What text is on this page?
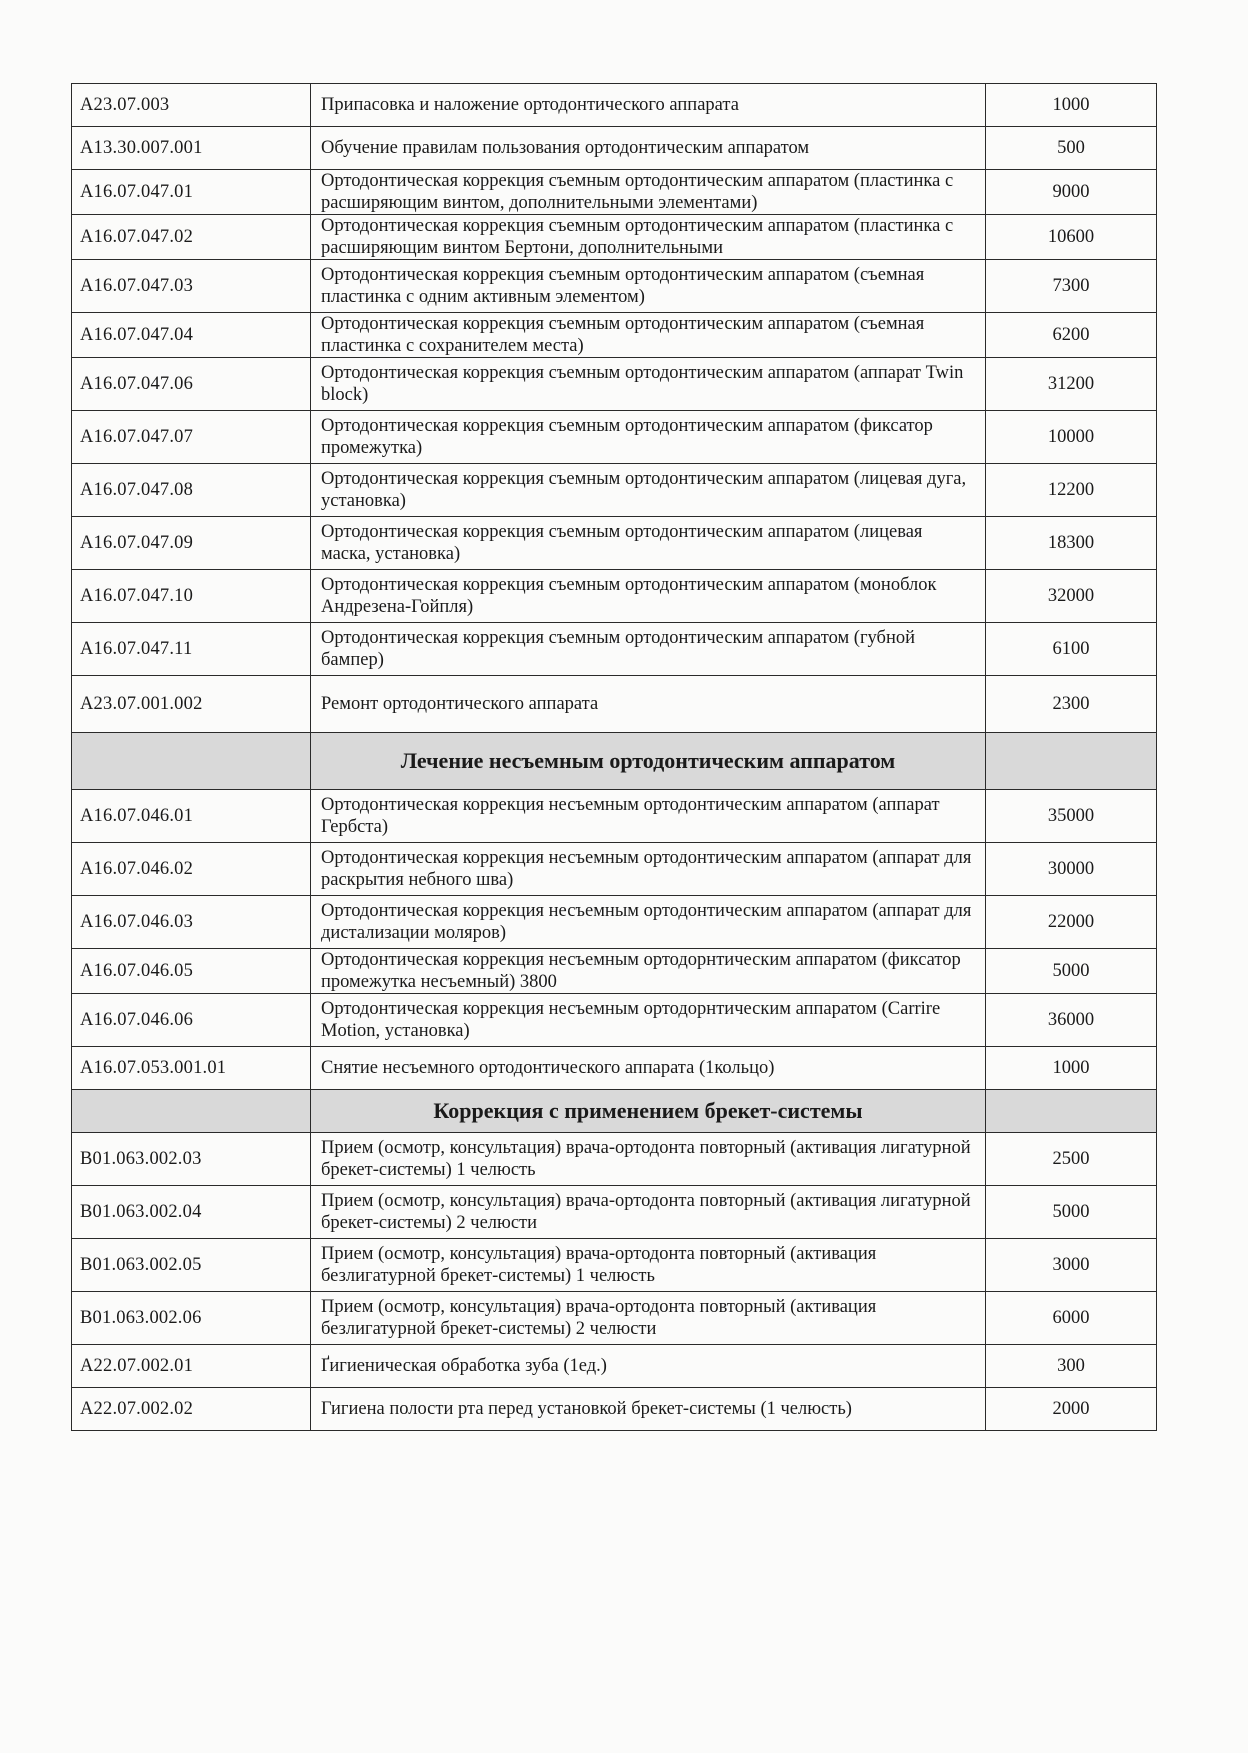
A23.07.003	Припасовка и наложение ортодонтического аппарата	1000
A13.30.007.001	Обучение правилам пользования ортодонтическим аппаратом	500
A16.07.047.01	Ортодонтическая коррекция съемным ортодонтическим аппаратом (пластинка с расширяющим винтом, дополнительными элементами)	9000
A16.07.047.02	Ортодонтическая коррекция съемным ортодонтическим аппаратом (пластинка с расширяющим винтом Бертони, дополнительными	10600
A16.07.047.03	Ортодонтическая коррекция съемным ортодонтическим аппаратом (съемная пластинка с одним активным элементом)	7300
A16.07.047.04	Ортодонтическая коррекция съемным ортодонтическим аппаратом (съемная пластинка с сохранителем места)	6200
A16.07.047.06	Ортодонтическая коррекция съемным ортодонтическим аппаратом (аппарат Twin block)	31200
A16.07.047.07	Ортодонтическая коррекция съемным ортодонтическим аппаратом (фиксатор промежутка)	10000
A16.07.047.08	Ортодонтическая коррекция съемным ортодонтическим аппаратом (лицевая дуга, установка)	12200
A16.07.047.09	Ортодонтическая коррекция съемным ортодонтическим аппаратом (лицевая маска, установка)	18300
A16.07.047.10	Ортодонтическая коррекция съемным ортодонтическим аппаратом (моноблок Андрезена-Гойпля)	32000
A16.07.047.11	Ортодонтическая коррекция съемным ортодонтическим аппаратом (губной бампер)	6100
A23.07.001.002	Ремонт ортодонтического аппарата	2300
	Лечение несъемным ортодонтическим аппаратом	
A16.07.046.01	Ортодонтическая коррекция несъемным ортодонтическим аппаратом (аппарат Гербста)	35000
A16.07.046.02	Ортодонтическая коррекция несъемным ортодонтическим аппаратом (аппарат для раскрытия небного шва)	30000
A16.07.046.03	Ортодонтическая коррекция несъемным ортодонтическим аппаратом (аппарат для дистализации моляров)	22000
A16.07.046.05	Ортодонтическая коррекция несъемным ортодорнтическим аппаратом (фиксатор промежутка несъемный) 3800	5000
A16.07.046.06	Ортодонтическая коррекция несъемным ортодорнтическим аппаратом (Carrire Motion, установка)	36000
A16.07.053.001.01	Снятие несъемного ортодонтического аппарата (1кольцо)	1000
	Коррекция с применением брекет-системы	
B01.063.002.03	Прием (осмотр, консультация) врача-ортодонта повторный (активация лигатурной брекет-системы) 1 челюсть	2500
B01.063.002.04	Прием (осмотр, консультация) врача-ортодонта повторный (активация лигатурной брекет-системы) 2 челюсти	5000
B01.063.002.05	Прием (осмотр, консультация) врача-ортодонта повторный (активация безлигатурной брекет-системы) 1 челюсть	3000
B01.063.002.06	Прием (осмотр, консультация) врача-ортодонта повторный (активация безлигатурной брекет-системы) 2 челюсти	6000
A22.07.002.01	Ґигиеническая обработка зуба (1ед.)	300
A22.07.002.02	Гигиена полости рта перед установкой брекет-системы (1 челюсть)	2000
